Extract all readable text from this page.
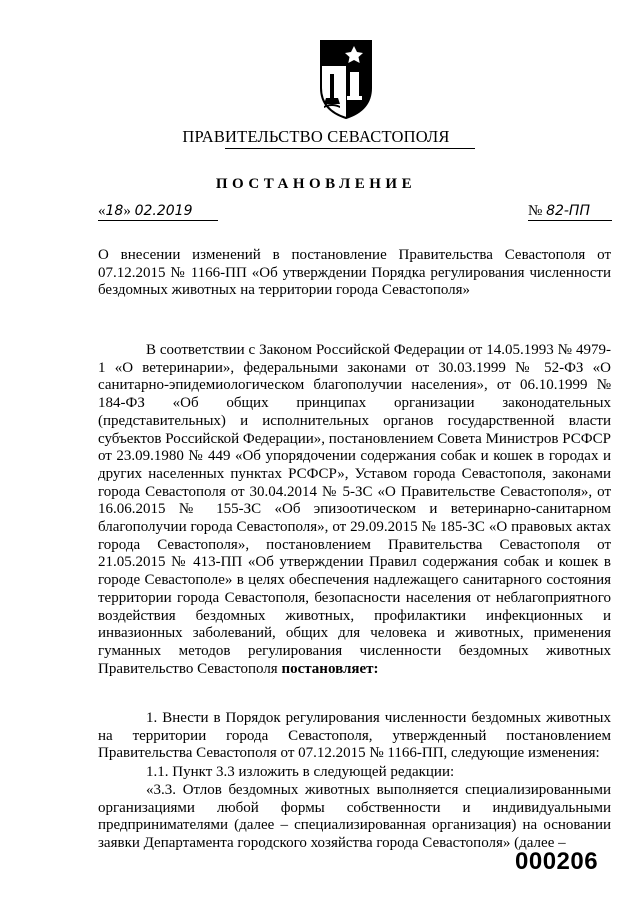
ПРАВИТЕЛЬСТВО СЕВАСТОПОЛЯ
ПОСТАНОВЛЕНИЕ
«18» 02.2019	№ 82-ПП
О внесении изменений в постановление Правительства Севастополя от 07.12.2015 № 1166-ПП «Об утверждении Порядка регулирования численности бездомных животных на территории города Севастополя»
В соответствии с Законом Российской Федерации от 14.05.1993 № 4979-1 «О ветеринарии», федеральными законами от 30.03.1999 № 52-ФЗ «О санитарно-эпидемиологическом благополучии населения», от 06.10.1999 № 184-ФЗ «Об общих принципах организации законодательных (представительных) и исполнительных органов государственной власти субъектов Российской Федерации», постановлением Совета Министров РСФСР от 23.09.1980 № 449 «Об упорядочении содержания собак и кошек в городах и других населенных пунктах РСФСР», Уставом города Севастополя, законами города Севастополя от 30.04.2014 № 5-ЗС «О Правительстве Севастополя», от 16.06.2015 № 155-ЗС «Об эпизоотическом и ветеринарно-санитарном благополучии города Севастополя», от 29.09.2015 № 185-ЗС «О правовых актах города Севастополя», постановлением Правительства Севастополя от 21.05.2015 № 413-ПП «Об утверждении Правил содержания собак и кошек в городе Севастополе» в целях обеспечения надлежащего санитарного состояния территории города Севастополя, безопасности населения от неблагоприятного воздействия бездомных животных, профилактики инфекционных и инвазионных заболеваний, общих для человека и животных, применения гуманных методов регулирования численности бездомных животных Правительство Севастополя постановляет:
1. Внести в Порядок регулирования численности бездомных животных на территории города Севастополя, утвержденный постановлением Правительства Севастополя от 07.12.2015 № 1166-ПП, следующие изменения:
1.1. Пункт 3.3 изложить в следующей редакции:
«3.3. Отлов бездомных животных выполняется специализированными организациями любой формы собственности и индивидуальными предпринимателями (далее – специализированная организация) на основании заявки Департамента городского хозяйства города Севастополя» (далее –
000206
